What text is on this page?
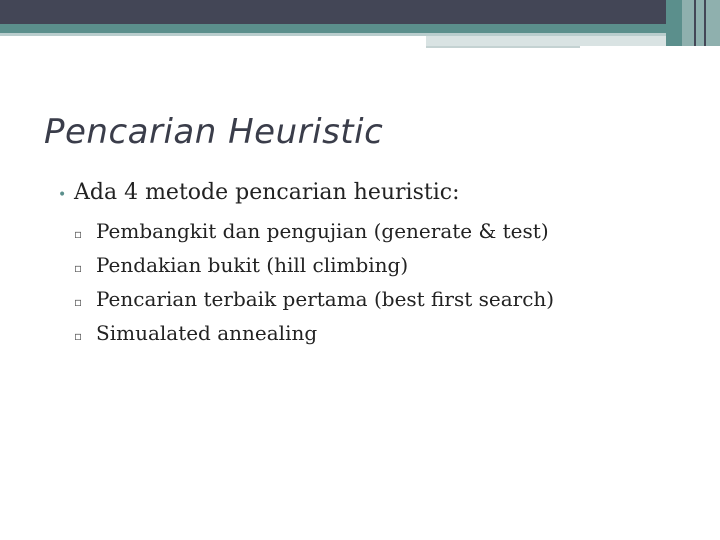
Pencarian Heuristic
• Ada 4 metode pencarian heuristic:
▫ Pembangkit dan pengujian (generate & test)
▫ Pendakian bukit (hill climbing)
▫ Pencarian terbaik pertama (best first search)
▫ Simualated annealing
